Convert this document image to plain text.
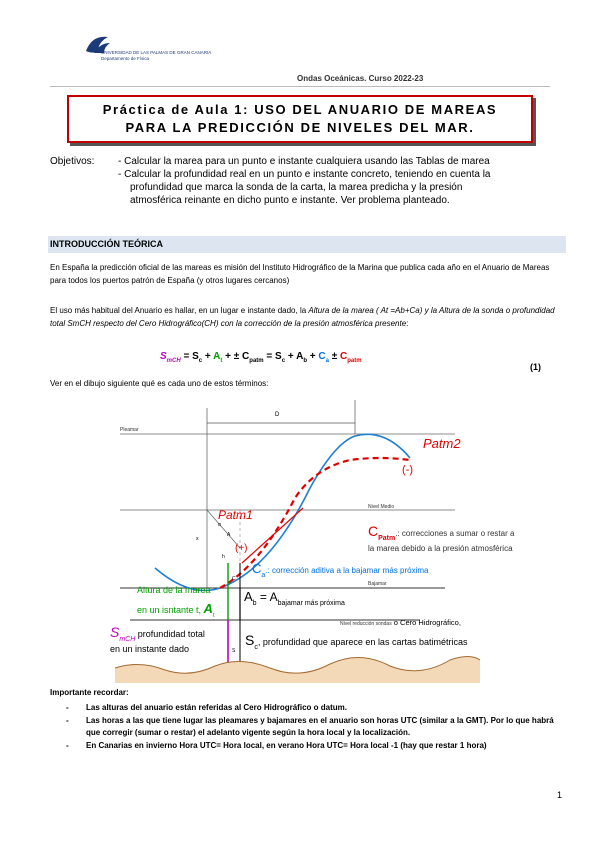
UNIVERSIDAD DE LAS PALMAS DE GRAN CANARIA
Departamento de Física
Ondas Oceánicas. Curso 2022-23
Práctica de Aula 1: USO DEL ANUARIO DE MAREAS
PARA LA PREDICCIÓN DE NIVELES DEL MAR.
Objetivos: - Calcular la marea para un punto e instante cualquiera usando las Tablas de marea

- Calcular la profundidad real en un punto e instante concreto, teniendo en cuenta la

profundidad que marca la sonda de la carta, la marea predicha y la presión

atmosférica reinante en dicho punto e instante. Ver problema planteado.

INTRODUCCIÓN TEÓRICA
En España la predicción oficial de las mareas es misión del Instituto Hidrográfico de la Marina que publica cada año en el Anuario de Mareas para todos los puertos patrón de España (y otros lugares cercanos)
El uso más habitual del Anuario es hallar, en un lugar e instante dado, la Altura de la marea ( At =Ab+Ca) y la Altura de la sonda o profundidad total SmCH respecto del Cero Hidrográfico(CH) con la corrección de la presión atmosférica presente:
$S_{mCH} = S_c + A_t$ + ± $C_{patm} = S_c + A_b + C_a \pm C_{patm}$
(1)
Ver en el dibujo siguiente qué es cada uno de estos términos:
Pleamar
D
Patm2
(-)
Nivel Medio
Patm1
(+)
$C_{Patm}$.: correcciones a sumar o restar a
la marea debido a la presión atmosférica
$C_a$.: corrección aditiva a la bajamar más próxima
Bajamar
Altura de la marea
en un isntante t, $A_t$
$A_b = A_{bajamar más próxima}$
Nivel reducción sondas o Cero Hidrográfico,
$S_{mCH}$ profundidad total
en un instante dado
$S_c$, profundidad que aparece en las cartas batimétricas
x
α
A
h
C
S
Importante recordar:
- Las alturas del anuario están referidas al Cero Hidrográfico o datum.
- Las horas a las que tiene lugar las pleamares y bajamares en el anuario son horas UTC (similar a la GMT). Por lo que habrá que corregir (sumar o restar) el adelanto vigente según la hora local y la localización.
- En Canarias en invierno Hora UTC= Hora local, en verano Hora UTC= Hora local -1 (hay que restar 1 hora)
1
